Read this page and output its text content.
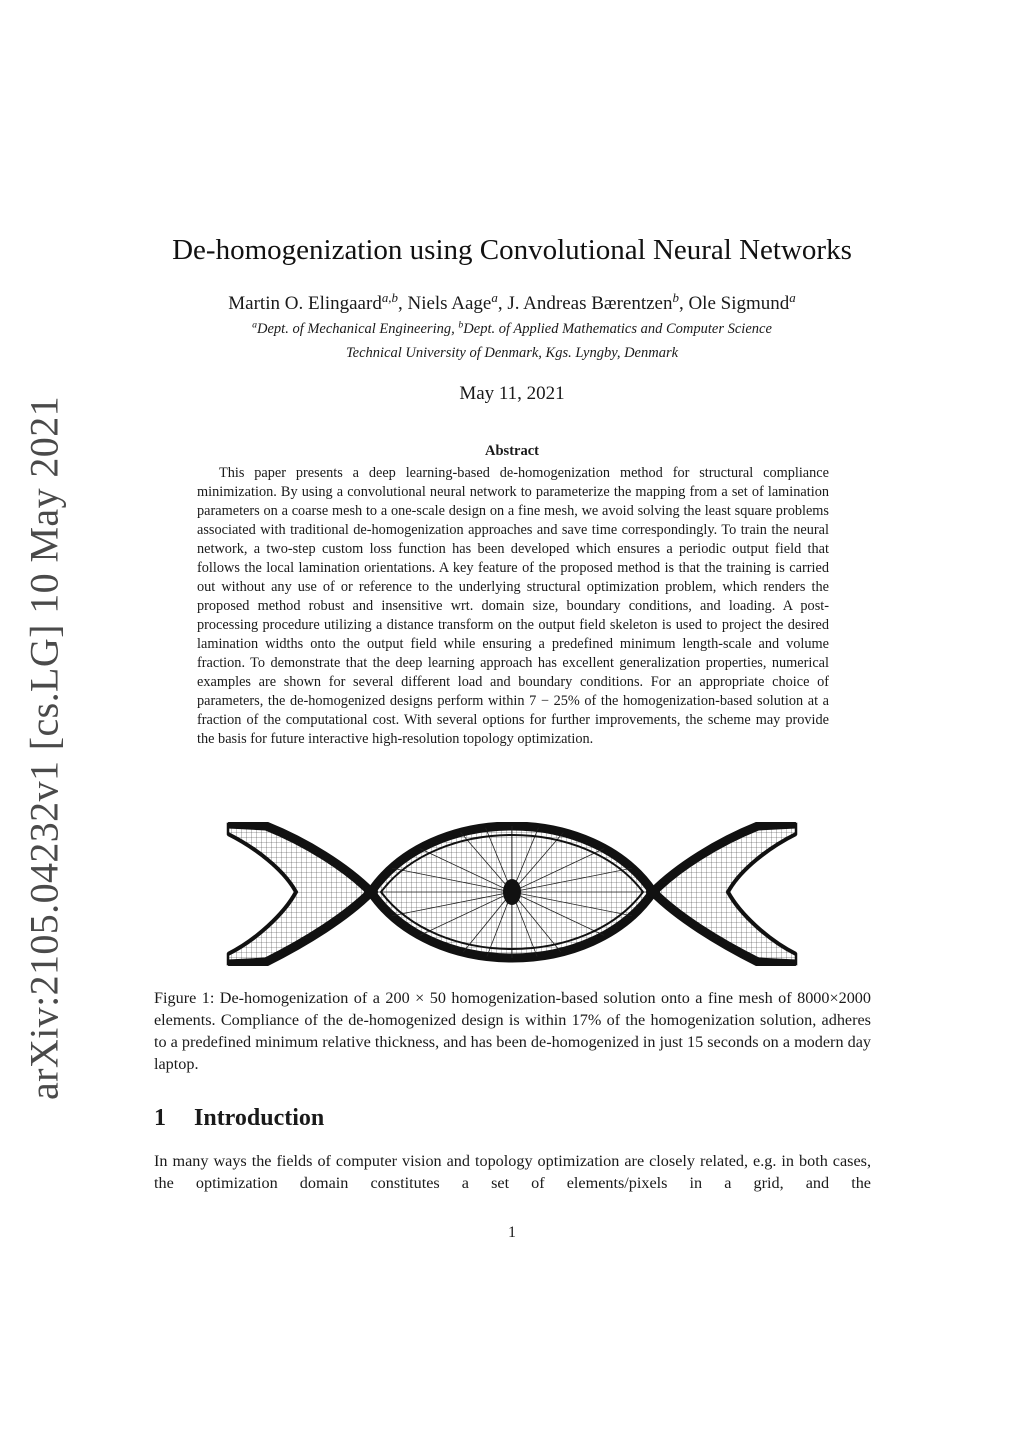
arXiv:2105.04232v1 [cs.LG] 10 May 2021
De-homogenization using Convolutional Neural Networks
Martin O. Elingaard$^{a,b}$, Niels Aage$^a$, J. Andreas Bærentzen$^b$, Ole Sigmund$^a$
$^a$Dept. of Mechanical Engineering, $^b$Dept. of Applied Mathematics and Computer Science
Technical University of Denmark, Kgs. Lyngby, Denmark
May 11, 2021
Abstract

This paper presents a deep learning-based de-homogenization method for structural compliance minimization. By using a convolutional neural network to parameterize the mapping from a set of lamination parameters on a coarse mesh to a one-scale design on a fine mesh, we avoid solving the least square problems associated with traditional de-homogenization approaches and save time correspondingly. To train the neural network, a two-step custom loss function has been developed which ensures a periodic output field that follows the local lamination orientations. A key feature of the proposed method is that the training is carried out without any use of or reference to the underlying structural optimization problem, which renders the proposed method robust and insensitive wrt. domain size, boundary conditions, and loading. A post-processing procedure utilizing a distance transform on the output field skeleton is used to project the desired lamination widths onto the output field while ensuring a predefined minimum length-scale and volume fraction. To demonstrate that the deep learning approach has excellent generalization properties, numerical examples are shown for several different load and boundary conditions. For an appropriate choice of parameters, the de-homogenized designs perform within 7 − 25% of the homogenization-based solution at a fraction of the computational cost. With several options for further improvements, the scheme may provide the basis for future interactive high-resolution topology optimization.

Figure 1: De-homogenization of a 200 × 50 homogenization-based solution onto a fine mesh of 8000×2000 elements. Compliance of the de-homogenized design is within 17% of the homogenization solution, adheres to a predefined minimum relative thickness, and has been de-homogenized in just 15 seconds on a modern day laptop.

1 Introduction

In many ways the fields of computer vision and topology optimization are closely related, e.g. in both cases, the optimization domain constitutes a set of elements/pixels in a grid, and the

1
